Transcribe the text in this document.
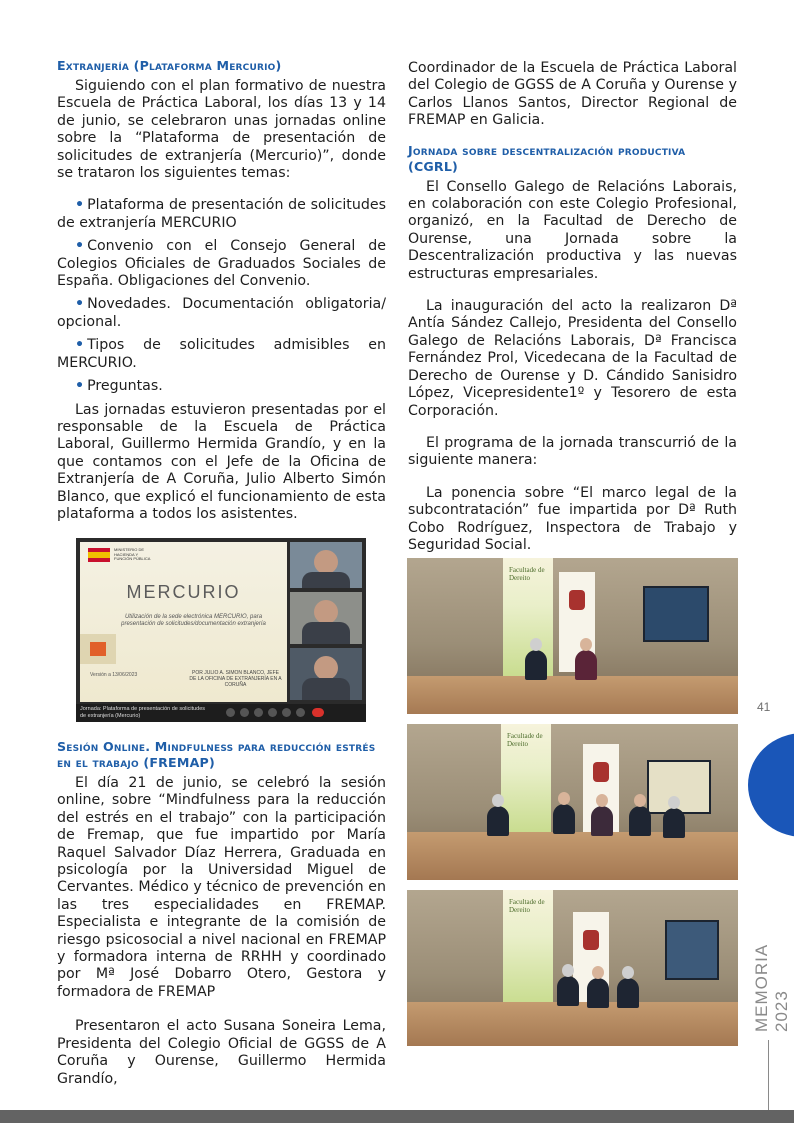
Extranjería (Plataforma Mercurio)

Siguiendo con el plan formativo de nuestra Escuela de Práctica Laboral, los días 13 y 14 de junio, se celebraron unas jornadas online sobre la “Plataforma de presentación de solicitudes de extranjería (Mercurio)”, donde se trataron los siguientes temas:

• Plataforma de presentación de solicitudes de extranjería MERCURIO
• Convenio con el Consejo General de Colegios Oficiales de Graduados Sociales de España. Obligaciones del Convenio.
• Novedades. Documentación obligatoria/ opcional.
• Tipos de solicitudes admisibles en MERCURIO.
• Preguntas.

Las jornadas estuvieron presentadas por el responsable de la Escuela de Práctica Laboral, Guillermo Hermida Grandío, y en la que contamos con el Jefe de la Oficina de Extranjería de A Coruña, Julio Alberto Simón Blanco, que explicó el funcionamiento de esta plataforma a todos los asistentes.

MINISTERIO DE HACIENDA Y FUNCIÓN PÚBLICA
MERCURIO
Utilización de la sede electrónica MERCURIO, para presentación de solicitudes/documentación extranjería
Versión a 13/06/2023	POR JULIO A. SIMON BLANCO, JEFE DE LA OFICINA DE EXTRANJERÍA EN A CORUÑA
Jornada: Plataforma de presentación de solicitudes de extranjería (Mercurio)
Sesión Online. Mindfulness para reducción estrés en el trabajo (FREMAP)

El día 21 de junio, se celebró la sesión online, sobre “Mindfulness para la reducción del estrés en el trabajo” con la participación de Fremap, que fue impartido por María Raquel Salvador Díaz Herrera, Graduada en psicología por la Universidad Miguel de Cervantes. Médico y técnico de prevención en las tres especialidades en FREMAP. Especialista e integrante de la comisión de riesgo psicosocial a nivel nacional en FREMAP y formadora interna de RRHH y coordinado por Mª José Dobarro Otero, Gestora y formadora de FREMAP

Presentaron el acto Susana Soneira Lema, Presidenta del Colegio Oficial de GGSS de A Coruña y Ourense, Guillermo Hermida Grandío,

Coordinador de la Escuela de Práctica Laboral del Colegio de GGSS de A Coruña y Ourense y Carlos Llanos Santos, Director Regional de FREMAP en Galicia.

Jornada sobre descentralización productiva (CGRL)

El Consello Galego de Relacións Laborais, en colaboración con este Colegio Profesional, organizó, en la Facultad de Derecho de Ourense, una Jornada sobre la Descentralización productiva y las nuevas estructuras empresariales.

La inauguración del acto la realizaron Dª Antía Sández Callejo, Presidenta del Consello Galego de Relacións Laborais, Dª Francisca Fernández Prol, Vicedecana de la Facultad de Derecho de Ourense y D. Cándido Sanisidro López, Vicepresidente1º y Tesorero de esta Corporación.

El programa de la jornada transcurrió de la siguiente manera:

La ponencia sobre “El marco legal de la subcontratación” fue impartida por Dª Ruth Cobo Rodríguez, Inspectora de Trabajo y Seguridad Social.

Facultade de Dereito
Facultade de Dereito
Facultade de Dereito
41
MEMORIA 2023
